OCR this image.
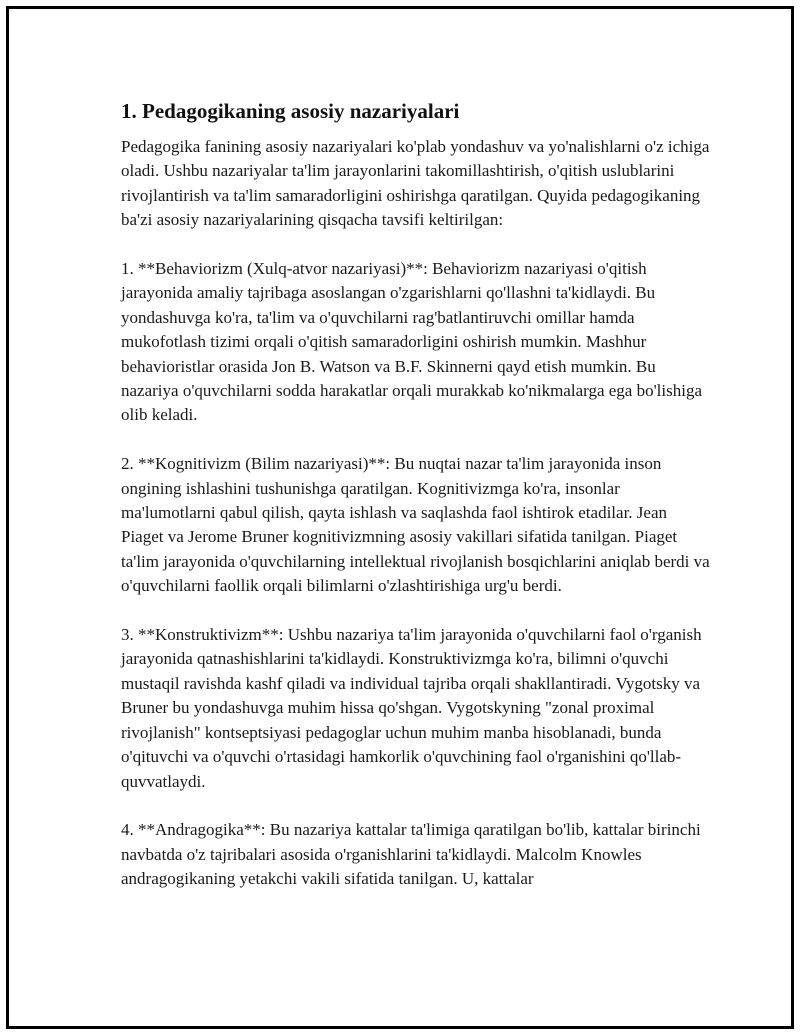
1. Pedagogikaning asosiy nazariyalari

Pedagogika fanining asosiy nazariyalari ko'plab yondashuv va yo'nalishlarni o'z ichiga oladi. Ushbu nazariyalar ta'lim jarayonlarini takomillashtirish, o'qitish uslublarini rivojlantirish va ta'lim samaradorligini oshirishga qaratilgan. Quyida pedagogikaning ba'zi asosiy nazariyalarining qisqacha tavsifi keltirilgan:

1. **Behaviorizm (Xulq-atvor nazariyasi)**: Behaviorizm nazariyasi o'qitish jarayonida amaliy tajribaga asoslangan o'zgarishlarni qo'llashni ta'kidlaydi. Bu yondashuvga ko'ra, ta'lim va o'quvchilarni rag'batlantiruvchi omillar hamda mukofotlash tizimi orqali o'qitish samaradorligini oshirish mumkin. Mashhur behavioristlar orasida Jon B. Watson va B.F. Skinnerni qayd etish mumkin. Bu nazariya o'quvchilarni sodda harakatlar orqali murakkab ko'nikmalarga ega bo'lishiga olib keladi.

2. **Kognitivizm (Bilim nazariyasi)**: Bu nuqtai nazar ta'lim jarayonida inson ongining ishlashini tushunishga qaratilgan. Kognitivizmga ko'ra, insonlar ma'lumotlarni qabul qilish, qayta ishlash va saqlashda faol ishtirok etadilar. Jean Piaget va Jerome Bruner kognitivizmning asosiy vakillari sifatida tanilgan. Piaget ta'lim jarayonida o'quvchilarning intellektual rivojlanish bosqichlarini aniqlab berdi va o'quvchilarni faollik orqali bilimlarni o'zlashtirishiga urg'u berdi.

3. **Konstruktivizm**: Ushbu nazariya ta'lim jarayonida o'quvchilarni faol o'rganish jarayonida qatnashishlarini ta'kidlaydi. Konstruktivizmga ko'ra, bilimni o'quvchi mustaqil ravishda kashf qiladi va individual tajriba orqali shakllantiradi. Vygotsky va Bruner bu yondashuvga muhim hissa qo'shgan. Vygotskyning "zonal proximal rivojlanish" kontseptsiyasi pedagoglar uchun muhim manba hisoblanadi, bunda o'qituvchi va o'quvchi o'rtasidagi hamkorlik o'quvchining faol o'rganishini qo'llab-quvvatlaydi.

4. **Andragogika**: Bu nazariya kattalar ta'limiga qaratilgan bo'lib, kattalar birinchi navbatda o'z tajribalari asosida o'rganishlarini ta'kidlaydi. Malcolm Knowles andragogikaning yetakchi vakili sifatida tanilgan. U, kattalar
